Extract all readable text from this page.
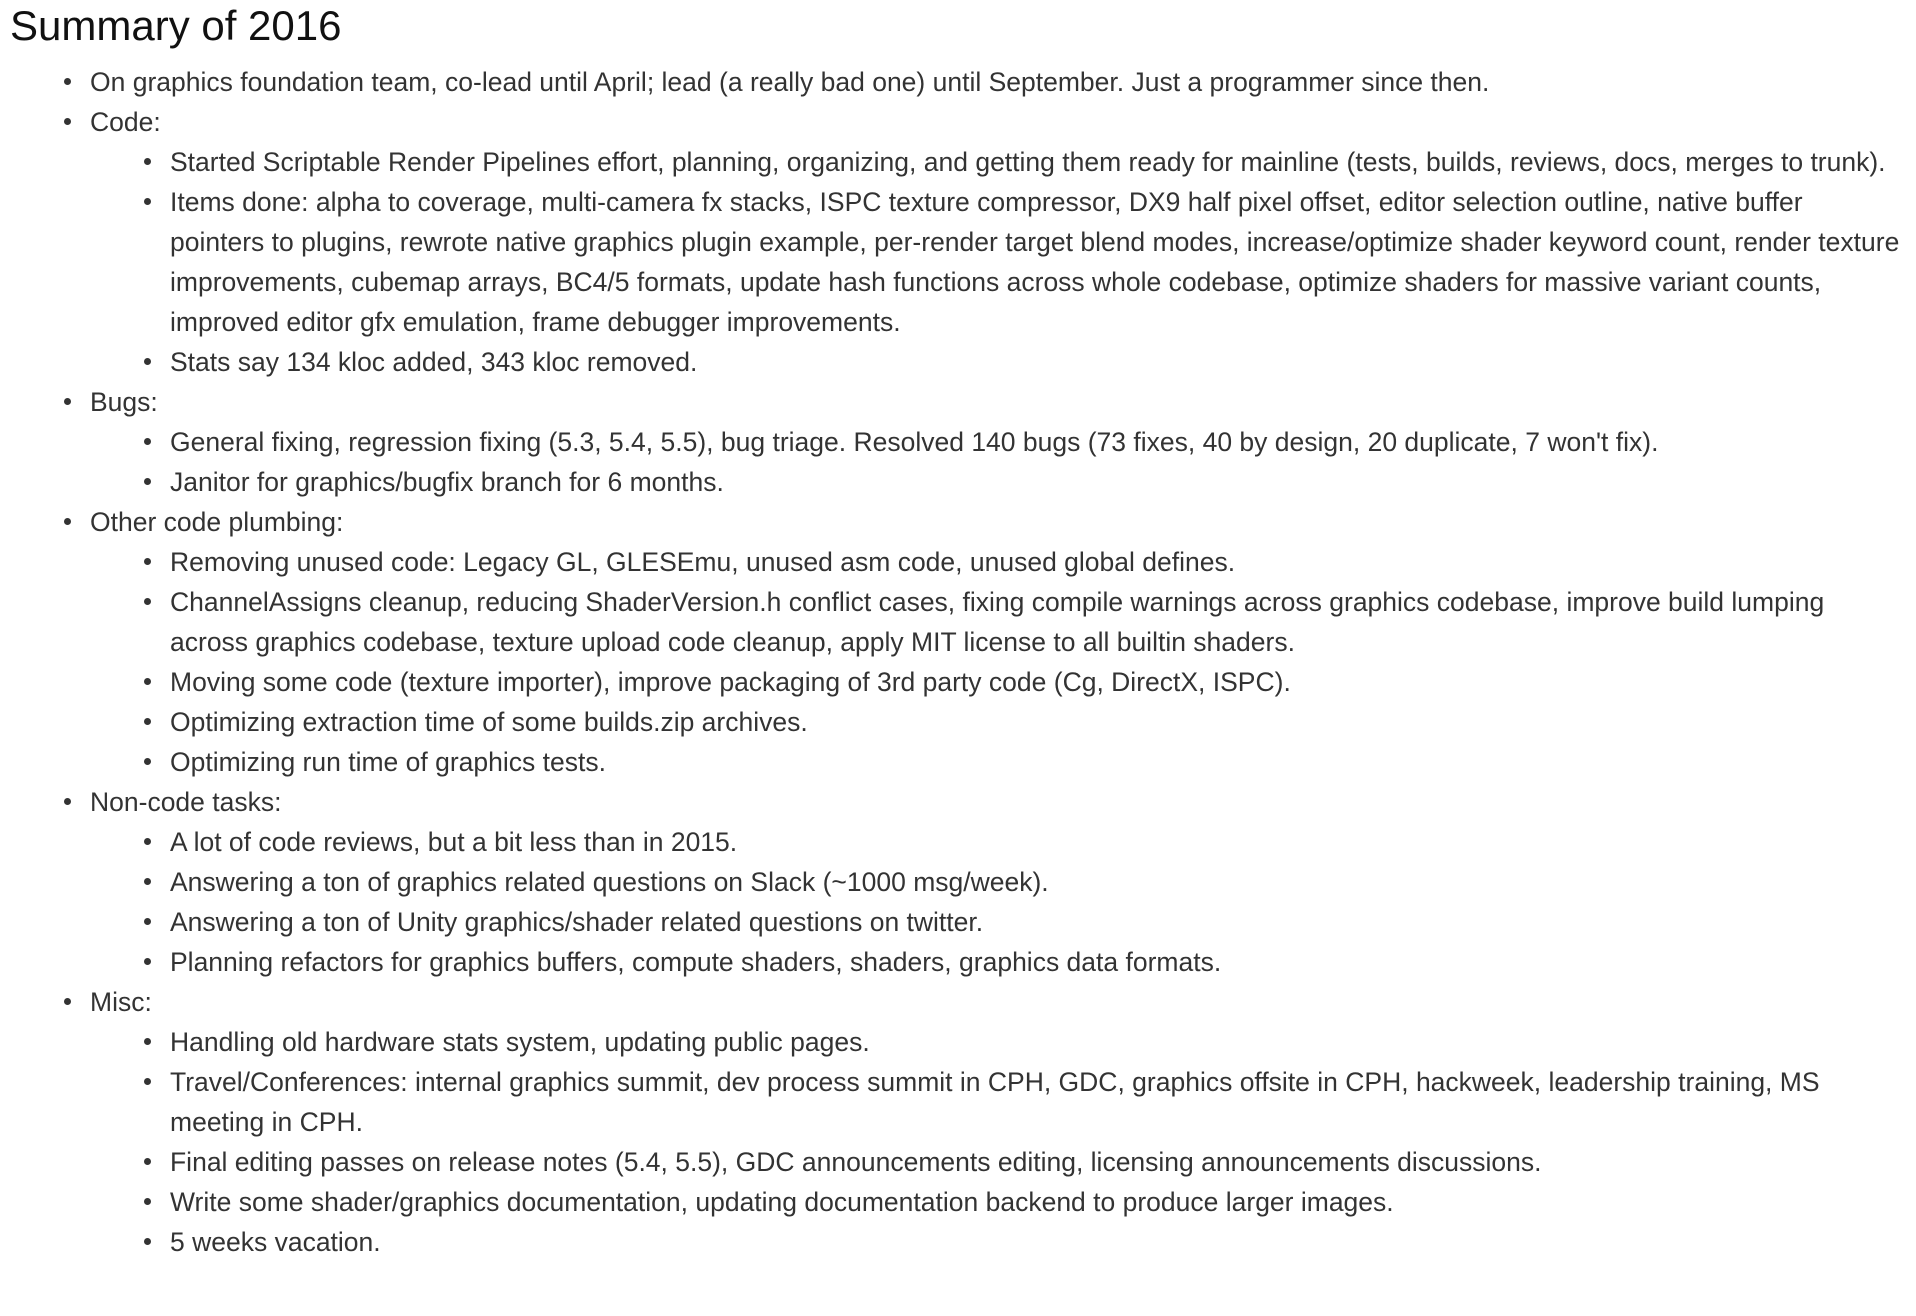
Summary of 2016
On graphics foundation team, co-lead until April; lead (a really bad one) until September. Just a programmer since then.
Code:
Started Scriptable Render Pipelines effort, planning, organizing, and getting them ready for mainline (tests, builds, reviews, docs, merges to trunk).
Items done: alpha to coverage, multi-camera fx stacks, ISPC texture compressor, DX9 half pixel offset, editor selection outline, native buffer pointers to plugins, rewrote native graphics plugin example, per-render target blend modes, increase/optimize shader keyword count, render texture improvements, cubemap arrays, BC4/5 formats, update hash functions across whole codebase, optimize shaders for massive variant counts, improved editor gfx emulation, frame debugger improvements.
Stats say 134 kloc added, 343 kloc removed.
Bugs:
General fixing, regression fixing (5.3, 5.4, 5.5), bug triage. Resolved 140 bugs (73 fixes, 40 by design, 20 duplicate, 7 won't fix).
Janitor for graphics/bugfix branch for 6 months.
Other code plumbing:
Removing unused code: Legacy GL, GLESEmu, unused asm code, unused global defines.
ChannelAssigns cleanup, reducing ShaderVersion.h conflict cases, fixing compile warnings across graphics codebase, improve build lumping across graphics codebase, texture upload code cleanup, apply MIT license to all builtin shaders.
Moving some code (texture importer), improve packaging of 3rd party code (Cg, DirectX, ISPC).
Optimizing extraction time of some builds.zip archives.
Optimizing run time of graphics tests.
Non-code tasks:
A lot of code reviews, but a bit less than in 2015.
Answering a ton of graphics related questions on Slack (~1000 msg/week).
Answering a ton of Unity graphics/shader related questions on twitter.
Planning refactors for graphics buffers, compute shaders, shaders, graphics data formats.
Misc:
Handling old hardware stats system, updating public pages.
Travel/Conferences: internal graphics summit, dev process summit in CPH, GDC, graphics offsite in CPH, hackweek, leadership training, MS meeting in CPH.
Final editing passes on release notes (5.4, 5.5), GDC announcements editing, licensing announcements discussions.
Write some shader/graphics documentation, updating documentation backend to produce larger images.
5 weeks vacation.
